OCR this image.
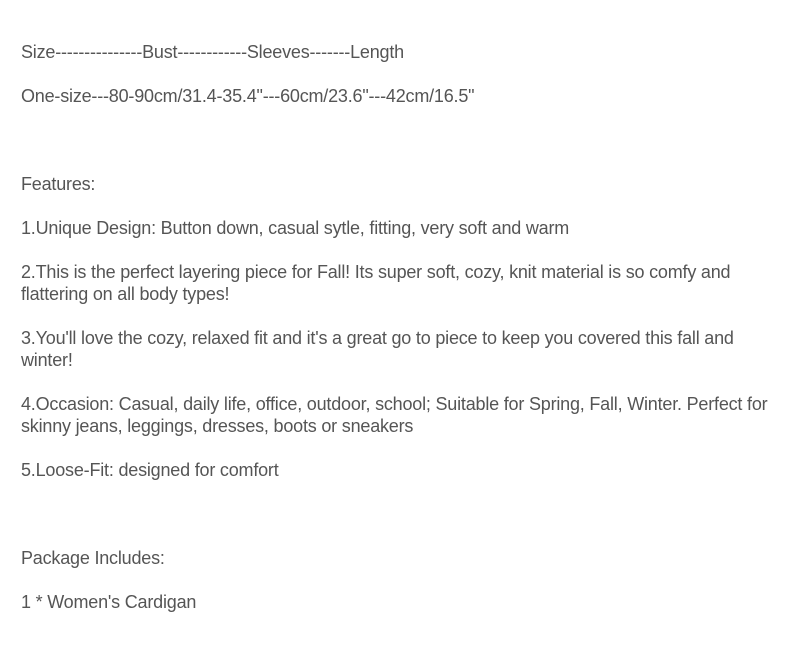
Size---------------Bust------------Sleeves-------Length

One-size---80-90cm/31.4-35.4"---60cm/23.6"---42cm/16.5"

Features:

1.Unique Design: Button down, casual sytle, fitting, very soft and warm

2.This is the perfect layering piece for Fall! Its super soft, cozy, knit material is so comfy and flattering on all body types!

3.You'll love the cozy, relaxed fit and it's a great go to piece to keep you covered this fall and winter!

4.Occasion: Casual, daily life, office, outdoor, school; Suitable for Spring, Fall, Winter. Perfect for skinny jeans, leggings, dresses, boots or sneakers

5.Loose-Fit: designed for comfort

Package Includes:

1 * Women's Cardigan
